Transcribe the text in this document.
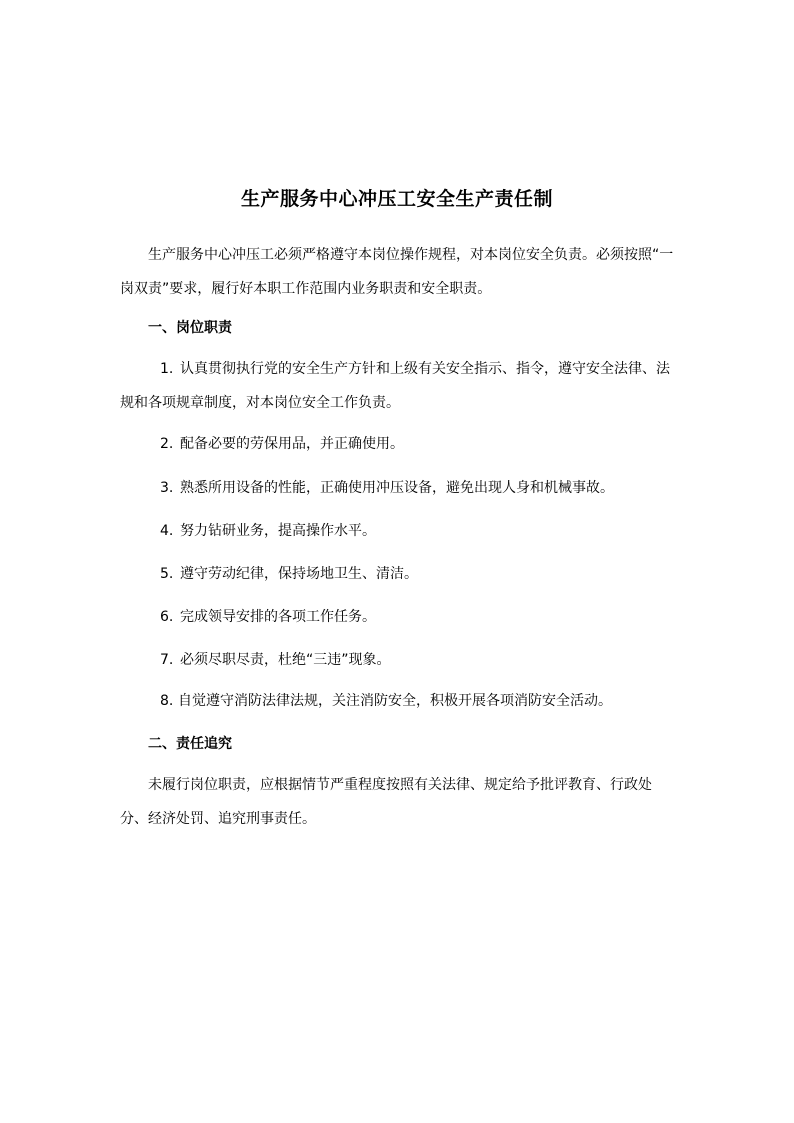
生产服务中心冲压工安全生产责任制

生产服务中心冲压工必须严格遵守本岗位操作规程，对本岗位安全负责。必须按照“一岗双责”要求，履行好本职工作范围内业务职责和安全职责。

一、岗位职责

1. 认真贯彻执行党的安全生产方针和上级有关安全指示、指令，遵守安全法律、法规和各项规章制度，对本岗位安全工作负责。

2. 配备必要的劳保用品，并正确使用。

3. 熟悉所用设备的性能，正确使用冲压设备，避免出现人身和机械事故。

4. 努力钻研业务，提高操作水平。

5. 遵守劳动纪律，保持场地卫生、清洁。

6. 完成领导安排的各项工作任务。

7. 必须尽职尽责，杜绝“三违”现象。

8. 自觉遵守消防法律法规，关注消防安全，积极开展各项消防安全活动。

二、责任追究

未履行岗位职责，应根据情节严重程度按照有关法律、规定给予批评教育、行政处分、经济处罚、追究刑事责任。
